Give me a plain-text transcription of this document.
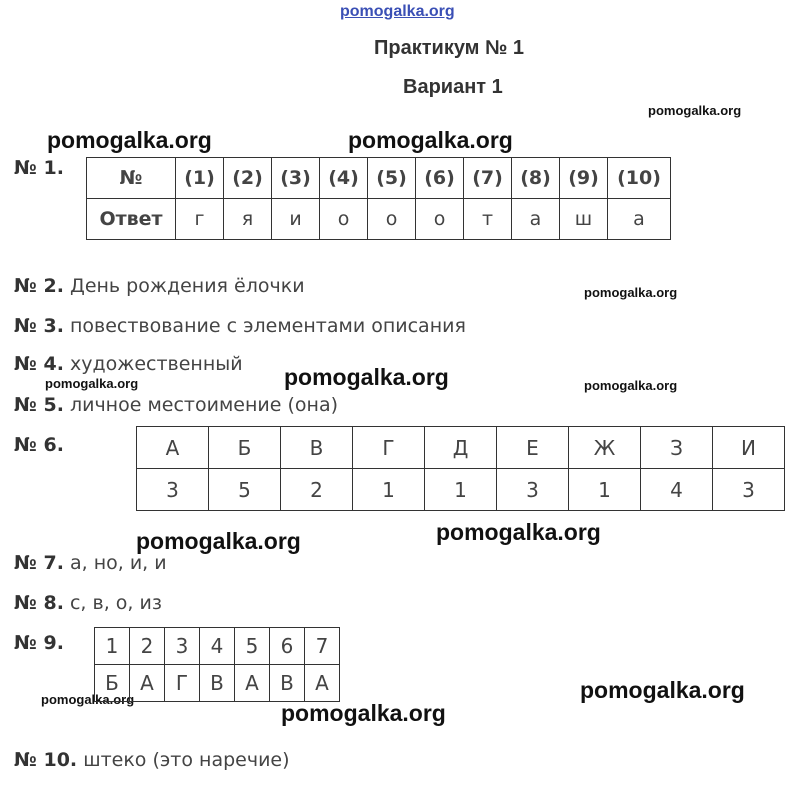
pomogalka.org
pomogalka.org
pomogalka.org	pomogalka.org
pomogalka.org
pomogalka.org	pomogalka.org	pomogalka.org
pomogalka.org	pomogalka.org
pomogalka.org
pomogalka.org
pomogalka.org
Практикум № 1
Вариант 1
№ 1.	№	(1)	(2)	(3)	(4)	(5)	(6)	(7)	(8)	(9)	(10)
Ответ	г	я	и	о	о	о	т	а	ш	а
№ 2. День рождения ёлочки
№ 3. повествование с элементами описания
№ 4. художественный
№ 5. личное местоимение (она)
№ 6.	А	Б	В	Г	Д	Е	Ж	З	И
3	5	2	1	1	3	1	4	3
№ 7. а, но, и, и
№ 8. с, в, о, из
№ 9. 1	2	3	4	5	6	7
Б	А	Г	В	А	В	А
№ 10. штеко (это наречие)
